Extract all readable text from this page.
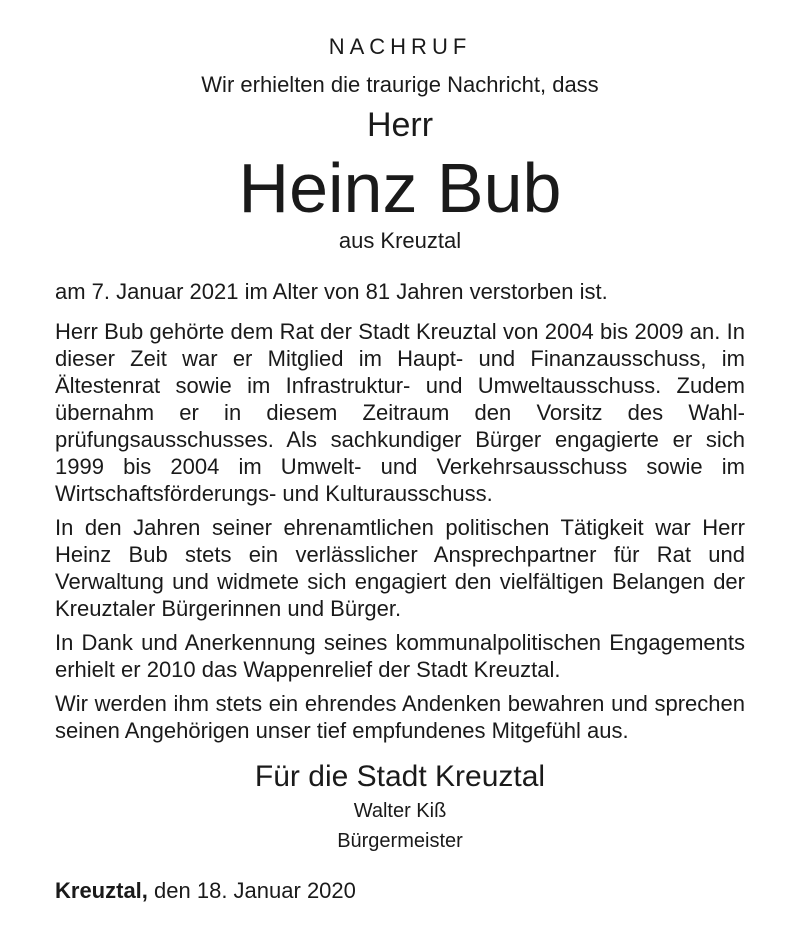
NACHRUF
Wir erhielten die traurige Nachricht, dass
Herr
Heinz Bub
aus Kreuztal

am 7. Januar 2021 im Alter von 81 Jahren verstorben ist.

Herr Bub gehörte dem Rat der Stadt Kreuztal von 2004 bis 2009 an. In dieser Zeit war er Mitglied im Haupt- und Finanzausschuss, im Ältestenrat sowie im Infrastruktur- und Umweltausschuss. Zudem übernahm er in diesem Zeitraum den Vorsitz des Wahlprüfungsausschusses. Als sachkundiger Bürger engagierte er sich 1999 bis 2004 im Umwelt- und Verkehrsausschuss sowie im Wirtschaftsförderungs- und Kulturausschuss.

In den Jahren seiner ehrenamtlichen politischen Tätigkeit war Herr Heinz Bub stets ein verlässlicher Ansprechpartner für Rat und Verwaltung und widmete sich engagiert den vielfältigen Belangen der Kreuztaler Bürgerinnen und Bürger.

In Dank und Anerkennung seines kommunalpolitischen Engagements erhielt er 2010 das Wappenrelief der Stadt Kreuztal.

Wir werden ihm stets ein ehrendes Andenken bewahren und sprechen seinen Angehörigen unser tief empfundenes Mitgefühl aus.

Für die Stadt Kreuztal
Walter Kiß
Bürgermeister
Kreuztal, den 18. Januar 2020
